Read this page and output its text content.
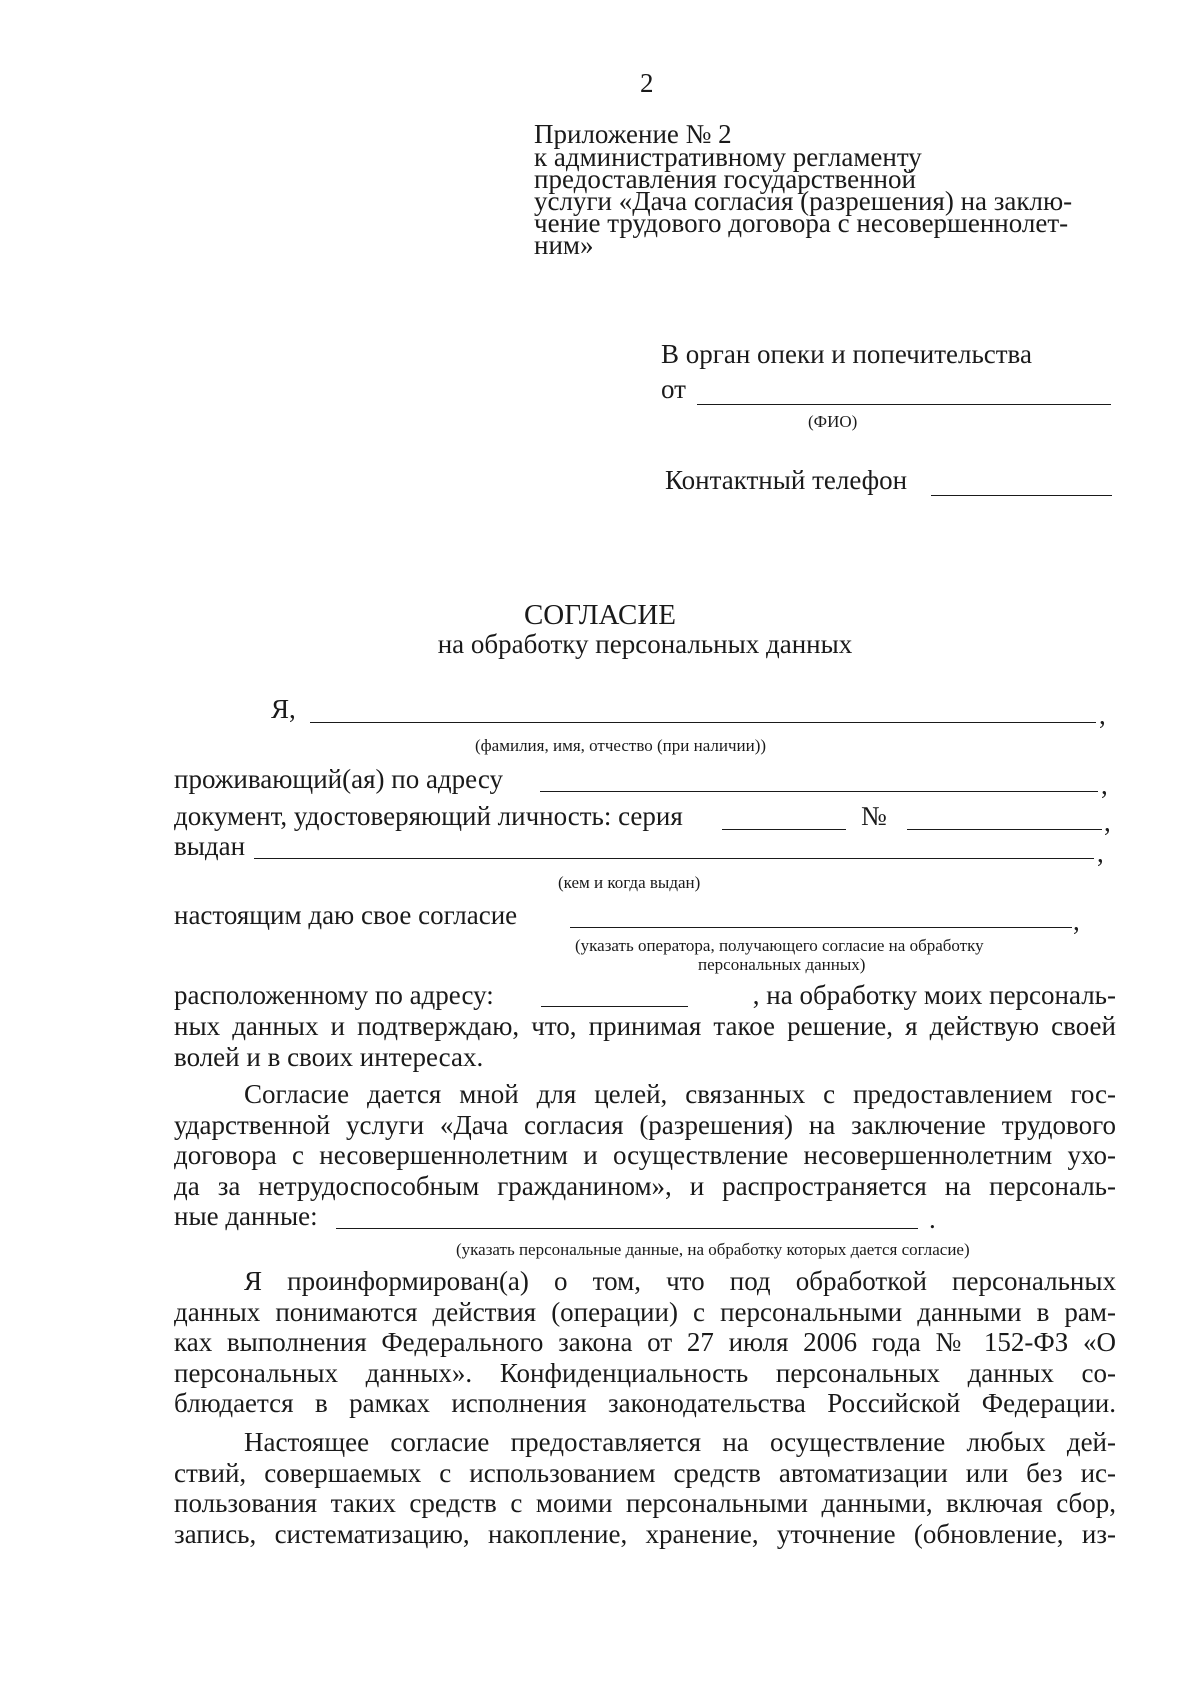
2
Приложение № 2
к административному регламенту
предоставления государственной
услуги «Дача согласия (разрешения) на заклю-
чение трудового договора с несовершеннолет-
ним»
В орган опеки и попечительства
от
(ФИО)
Контактный телефон
СОГЛАСИЕ
на обработку персональных данных
Я,	,
(фамилия, имя, отчество (при наличии))
проживающий(ая) по адресу	,
документ, удостоверяющий личность: серия	№	,
выдан	,
(кем и когда выдан)
настоящим даю свое согласие	,
(указать оператора, получающего согласие на обработку
персональных данных)
расположенному по адресу:	, на обработку моих персональ-
ных данных и подтверждаю, что, принимая такое решение, я действую своей
волей и в своих интересах.
Согласие дается мной для целей, связанных с предоставлением гос-
ударственной услуги «Дача согласия (разрешения) на заключение трудового
договора с несовершеннолетним и осуществление несовершеннолетним ухо-
да за нетрудоспособным гражданином», и распространяется на персональ-
ные данные:	.
(указать персональные данные, на обработку которых дается согласие)
Я проинформирован(а) о том, что под обработкой персональных
данных понимаются действия (операции) с персональными данными в рам-
ках выполнения Федерального закона от 27 июля 2006 года № 152-ФЗ «О
персональных данных». Конфиденциальность персональных данных со-
блюдается в рамках исполнения законодательства Российской Федерации.
Настоящее согласие предоставляется на осуществление любых дей-
ствий, совершаемых с использованием средств автоматизации или без ис-
пользования таких средств с моими персональными данными, включая сбор,
запись, систематизацию, накопление, хранение, уточнение (обновление, из-
